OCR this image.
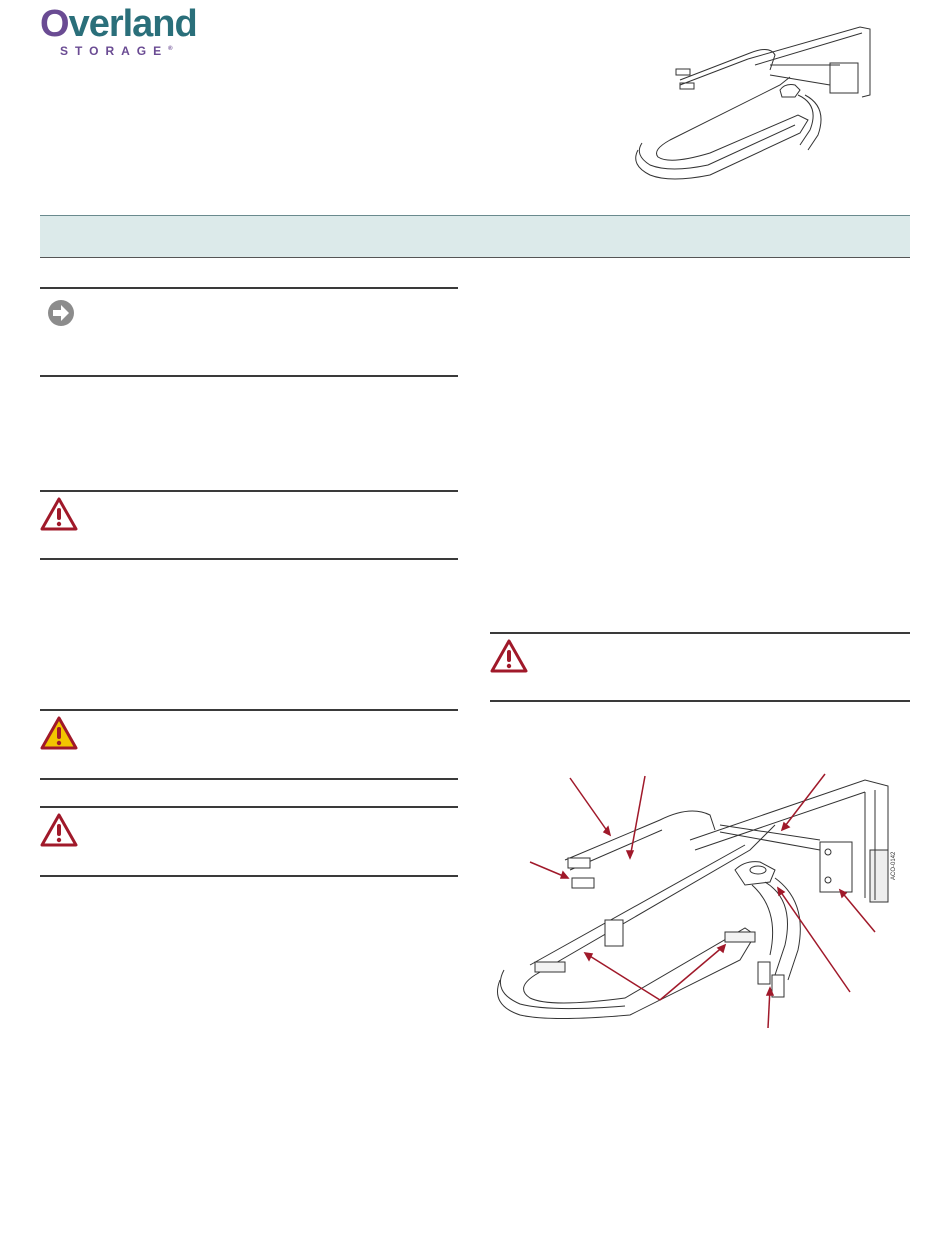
Overland
STORAGE®
ACO-0142
